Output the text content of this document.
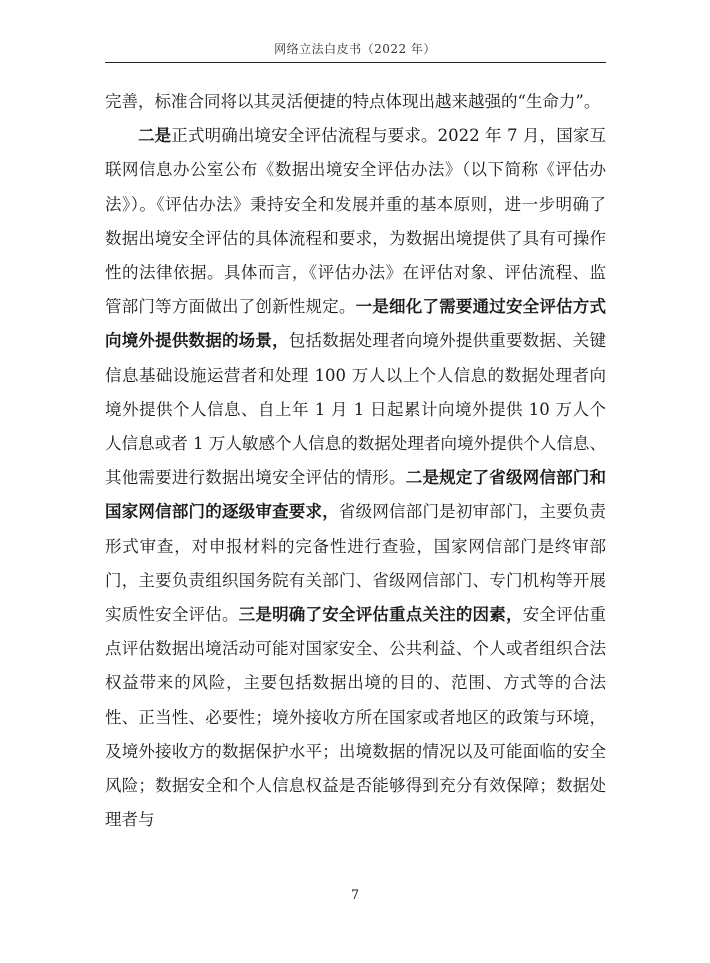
网络立法白皮书（2022 年）

完善，标准合同将以其灵活便捷的特点体现出越来越强的“生命力”。

二是正式明确出境安全评估流程与要求。2022 年 7 月，国家互联网信息办公室公布《数据出境安全评估办法》（以下简称《评估办法》）。《评估办法》秉持安全和发展并重的基本原则，进一步明确了数据出境安全评估的具体流程和要求，为数据出境提供了具有可操作性的法律依据。具体而言，《评估办法》在评估对象、评估流程、监管部门等方面做出了创新性规定。一是细化了需要通过安全评估方式向境外提供数据的场景，包括数据处理者向境外提供重要数据、关键信息基础设施运营者和处理 100 万人以上个人信息的数据处理者向境外提供个人信息、自上年 1 月 1 日起累计向境外提供 10 万人个人信息或者 1 万人敏感个人信息的数据处理者向境外提供个人信息、其他需要进行数据出境安全评估的情形。二是规定了省级网信部门和国家网信部门的逐级审查要求，省级网信部门是初审部门，主要负责形式审查，对申报材料的完备性进行查验，国家网信部门是终审部门，主要负责组织国务院有关部门、省级网信部门、专门机构等开展实质性安全评估。三是明确了安全评估重点关注的因素，安全评估重点评估数据出境活动可能对国家安全、公共利益、个人或者组织合法权益带来的风险，主要包括数据出境的目的、范围、方式等的合法性、正当性、必要性；境外接收方所在国家或者地区的政策与环境，及境外接收方的数据保护水平；出境数据的情况以及可能面临的安全风险；数据安全和个人信息权益是否能够得到充分有效保障；数据处理者与

7
